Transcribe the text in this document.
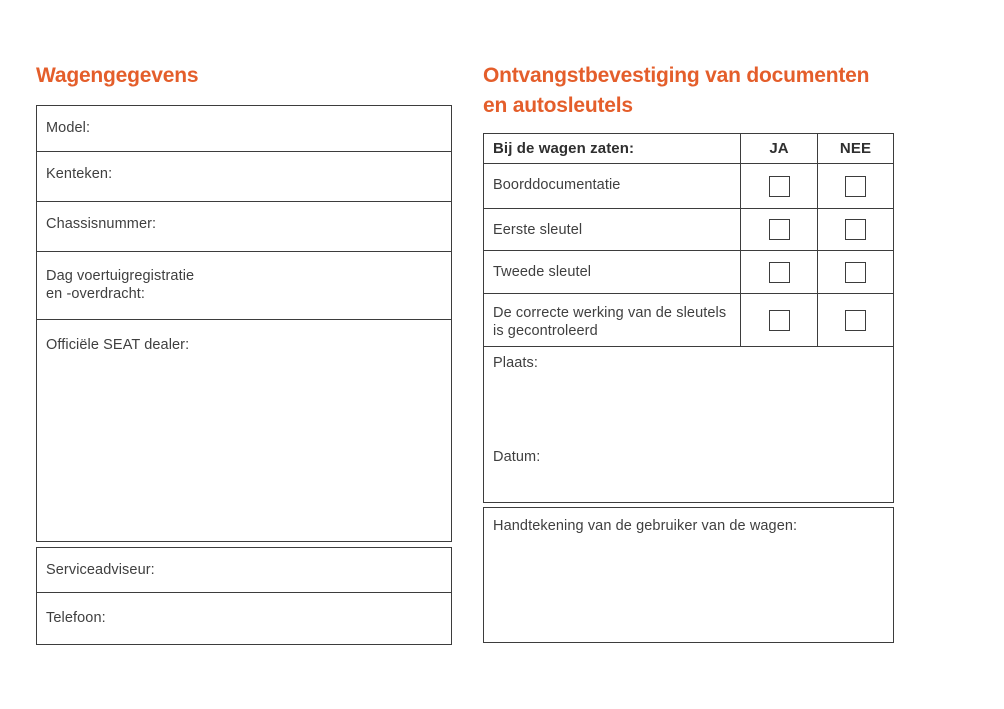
Wagengegevens
Model:
Kenteken:
Chassisnummer:
Dag voertuigregistratie
en -overdracht:
Officiële SEAT dealer:
Serviceadviseur:
Telefoon:
Ontvangstbevestiging van documenten
en autosleutels
Bij de wagen zaten:	JA	NEE
Boorddocumentatie
Eerste sleutel
Tweede sleutel
De correcte werking van de sleutels
is gecontroleerd
Plaats:
Datum:
Handtekening van de gebruiker van de wagen:
